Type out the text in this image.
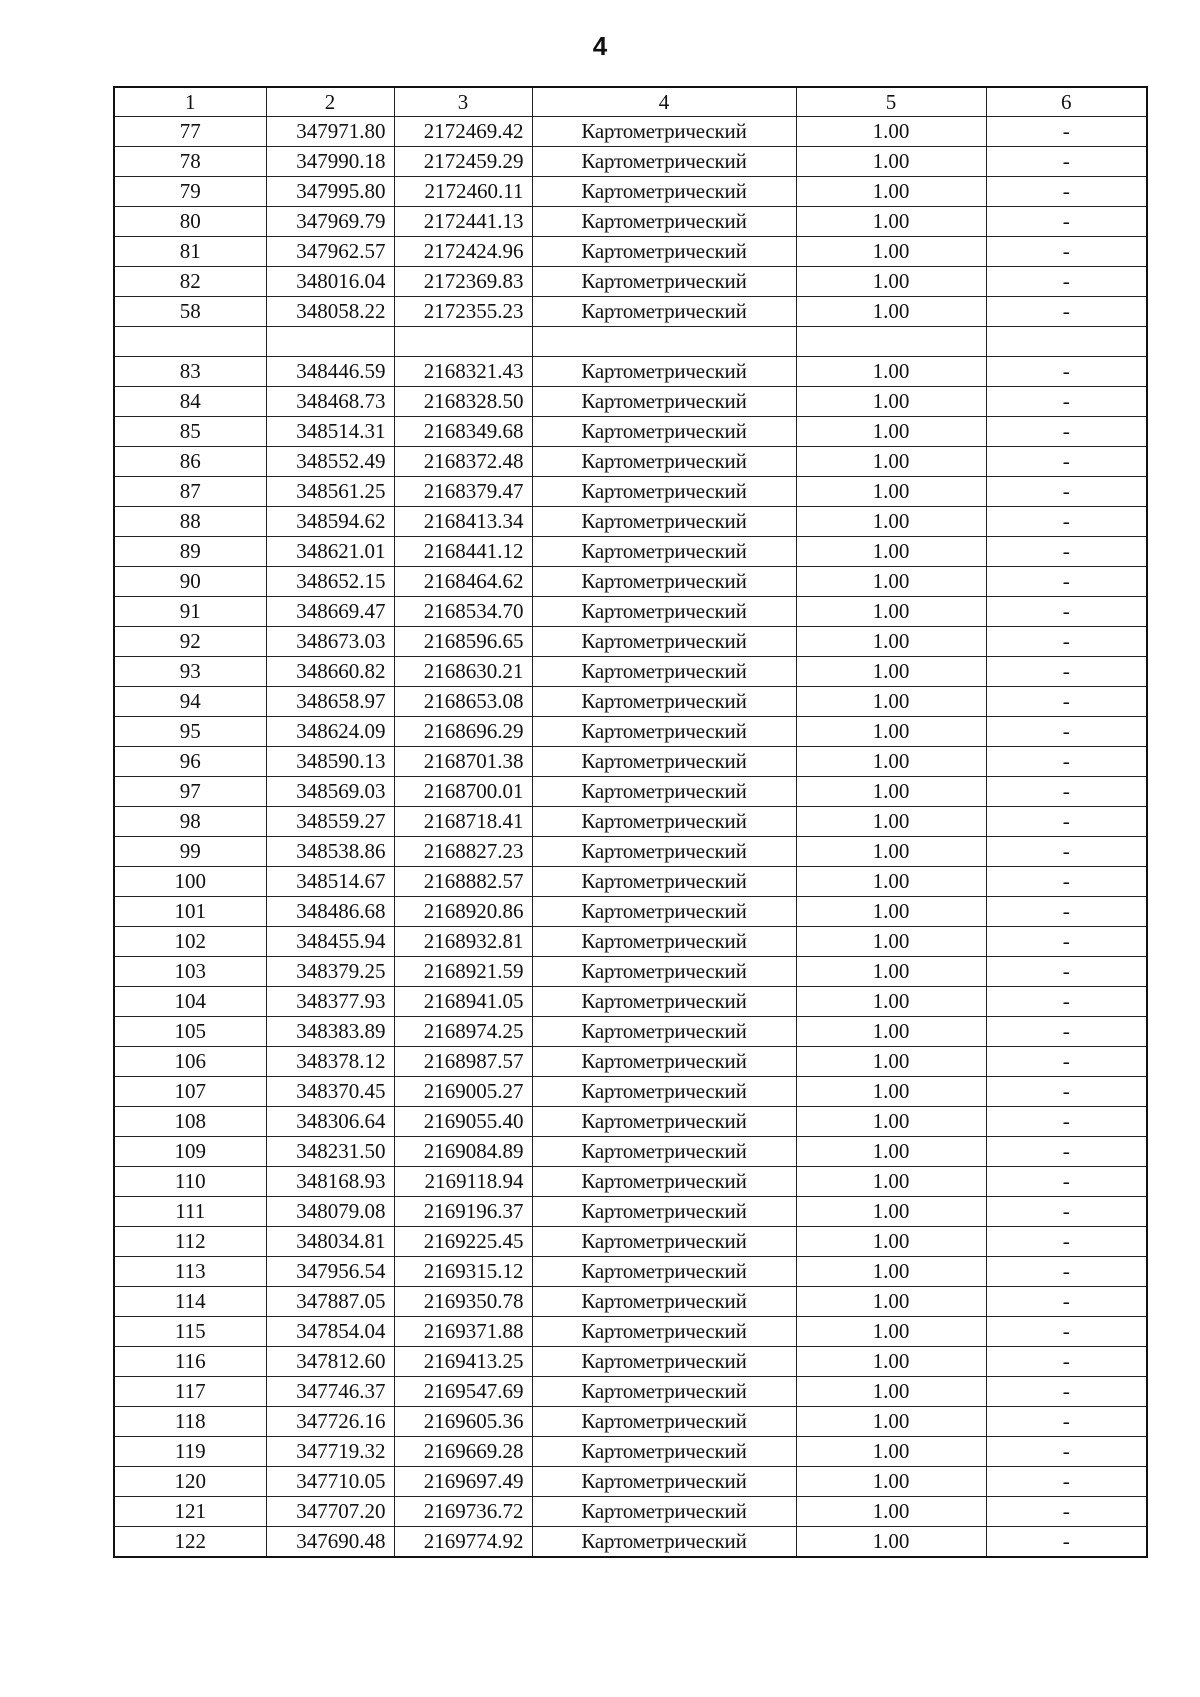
4
1	2	3	4	5	6
77	347971.80	2172469.42	Картометрический	1.00	-
78	347990.18	2172459.29	Картометрический	1.00	-
79	347995.80	2172460.11	Картометрический	1.00	-
80	347969.79	2172441.13	Картометрический	1.00	-
81	347962.57	2172424.96	Картометрический	1.00	-
82	348016.04	2172369.83	Картометрический	1.00	-
58	348058.22	2172355.23	Картометрический	1.00	-

83	348446.59	2168321.43	Картометрический	1.00	-
84	348468.73	2168328.50	Картометрический	1.00	-
85	348514.31	2168349.68	Картометрический	1.00	-
86	348552.49	2168372.48	Картометрический	1.00	-
87	348561.25	2168379.47	Картометрический	1.00	-
88	348594.62	2168413.34	Картометрический	1.00	-
89	348621.01	2168441.12	Картометрический	1.00	-
90	348652.15	2168464.62	Картометрический	1.00	-
91	348669.47	2168534.70	Картометрический	1.00	-
92	348673.03	2168596.65	Картометрический	1.00	-
93	348660.82	2168630.21	Картометрический	1.00	-
94	348658.97	2168653.08	Картометрический	1.00	-
95	348624.09	2168696.29	Картометрический	1.00	-
96	348590.13	2168701.38	Картометрический	1.00	-
97	348569.03	2168700.01	Картометрический	1.00	-
98	348559.27	2168718.41	Картометрический	1.00	-
99	348538.86	2168827.23	Картометрический	1.00	-
100	348514.67	2168882.57	Картометрический	1.00	-
101	348486.68	2168920.86	Картометрический	1.00	-
102	348455.94	2168932.81	Картометрический	1.00	-
103	348379.25	2168921.59	Картометрический	1.00	-
104	348377.93	2168941.05	Картометрический	1.00	-
105	348383.89	2168974.25	Картометрический	1.00	-
106	348378.12	2168987.57	Картометрический	1.00	-
107	348370.45	2169005.27	Картометрический	1.00	-
108	348306.64	2169055.40	Картометрический	1.00	-
109	348231.50	2169084.89	Картометрический	1.00	-
110	348168.93	2169118.94	Картометрический	1.00	-
111	348079.08	2169196.37	Картометрический	1.00	-
112	348034.81	2169225.45	Картометрический	1.00	-
113	347956.54	2169315.12	Картометрический	1.00	-
114	347887.05	2169350.78	Картометрический	1.00	-
115	347854.04	2169371.88	Картометрический	1.00	-
116	347812.60	2169413.25	Картометрический	1.00	-
117	347746.37	2169547.69	Картометрический	1.00	-
118	347726.16	2169605.36	Картометрический	1.00	-
119	347719.32	2169669.28	Картометрический	1.00	-
120	347710.05	2169697.49	Картометрический	1.00	-
121	347707.20	2169736.72	Картометрический	1.00	-
122	347690.48	2169774.92	Картометрический	1.00	-
